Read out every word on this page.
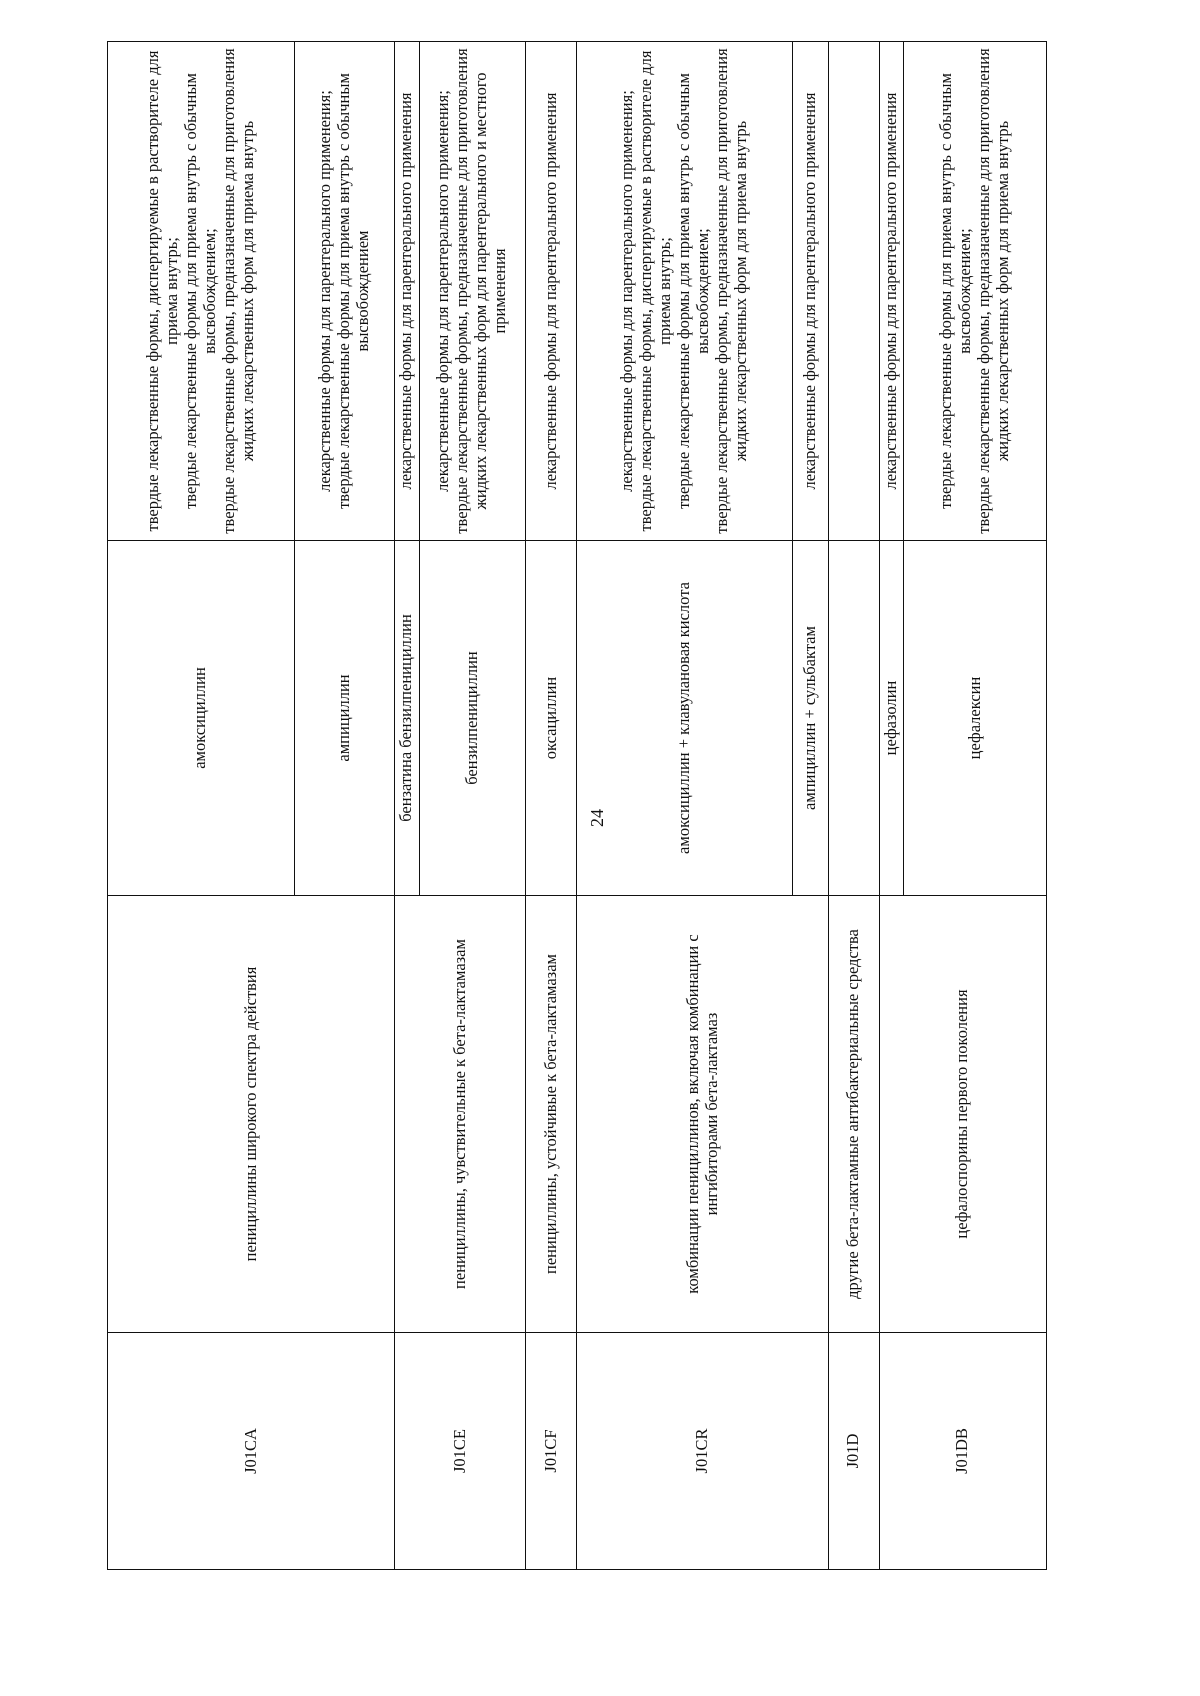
24
J01CA	пенициллины широкого спектра действия	амоксициллин	твердые лекарственные формы, диспергируемые в растворителе для приема внутрь; твердые лекарственные формы для приема внутрь с обычным высвобождением; твердые лекарственные формы, предназначенные для приготовления жидких лекарственных форм для приема внутрь

		ампициллин	лекарственные формы для парентерального применения; твердые лекарственные формы для приема внутрь с обычным высвобождением

J01CE	пенициллины, чувствительные к бета-лактамазам	бензатина бензилпенициллин	лекарственные формы для парентерального применения

		бензилпенициллин	лекарственные формы для парентерального применения; твердые лекарственные формы, предназначенные для приготовления жидких лекарственных форм для парентерального и местного применения

J01CF	пенициллины, устойчивые к бета-лактамазам	оксациллин	лекарственные формы для парентерального применения

J01CR	комбинации пенициллинов, включая комбинации с ингибиторами бета-лактамаз	амоксициллин + клавулановая кислота	лекарственные формы для парентерального применения; твердые лекарственные формы, диспергируемые в растворителе для приема внутрь; твердые лекарственные формы для приема внутрь с обычным высвобождением; твердые лекарственные формы, предназначенные для приготовления жидких лекарственных форм для приема внутрь

		ампициллин + сульбактам	лекарственные формы для парентерального применения

J01D	другие бета-лактамные антибактериальные средства		
J01DB	цефалоспорины первого поколения	цефазолин	лекарственные формы для парентерального применения

		цефалексин	твердые лекарственные формы для приема внутрь с обычным высвобождением; твердые лекарственные формы, предназначенные для приготовления жидких лекарственных форм для приема внутрь
